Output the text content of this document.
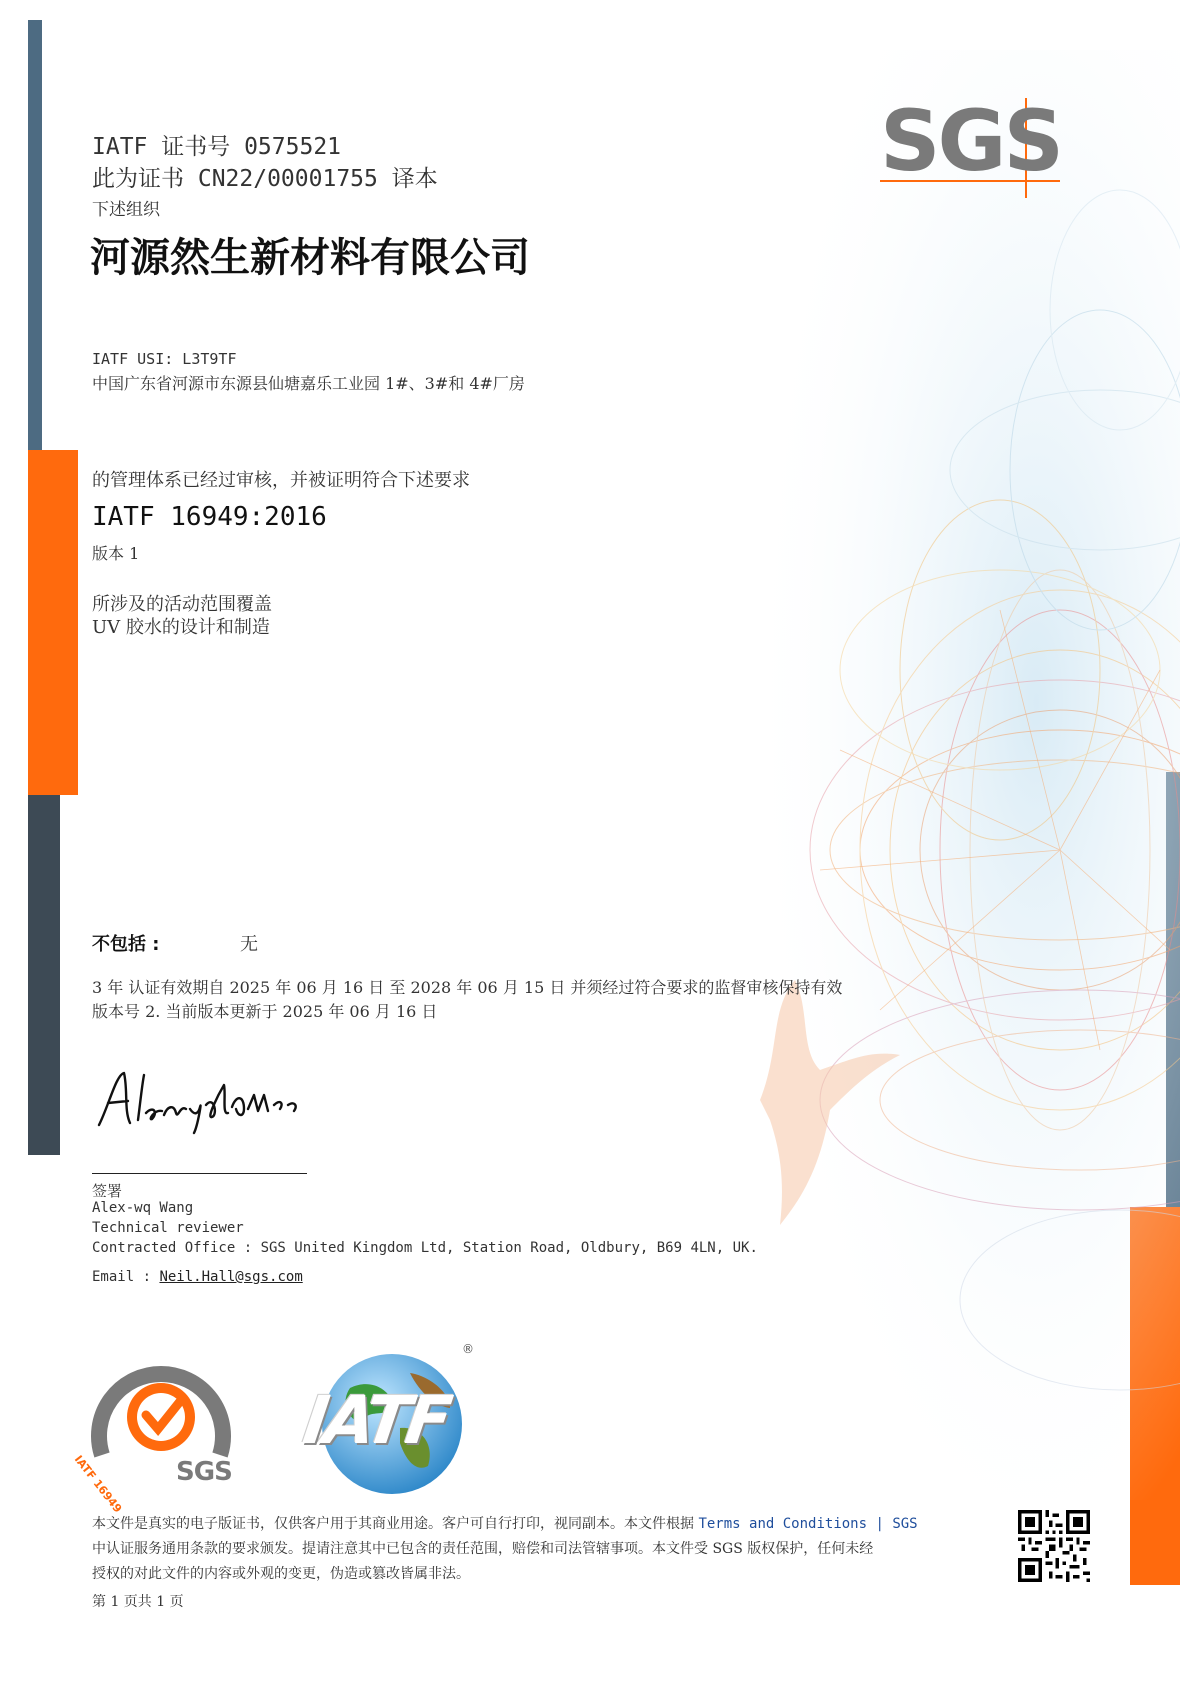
SGS
IATF 证书号 0575521
此为证书 CN22/00001755 译本
下述组织
河源然生新材料有限公司
IATF USI: L3T9TF
中国广东省河源市东源县仙塘嘉乐工业园 1#、3#和 4#厂房
的管理体系已经过审核，并被证明符合下述要求
IATF 16949:2016
版本 1
所涉及的活动范围覆盖
UV 胶水的设计和制造
不包括 :	无
3 年 认证有效期自 2025 年 06 月 16 日 至 2028 年 06 月 15 日 并须经过符合要求的监督审核保持有效
版本号 2. 当前版本更新于 2025 年 06 月 16 日
签署
Alex-wq Wang
Technical reviewer
Contracted Office : SGS United Kingdom Ltd, Station Road, Oldbury, B69 4LN, UK.
Email : Neil.Hall@sgs.com
SYSTEM CERTIFICATION
IATF 16949 SGS
IATF
®
本文件是真实的电子版证书，仅供客户用于其商业用途。客户可自行打印，视同副本。本文件根据 Terms and Conditions | SGS
中认证服务通用条款的要求颁发。提请注意其中已包含的责任范围，赔偿和司法管辖事项。本文件受 SGS 版权保护，任何未经
授权的对此文件的内容或外观的变更，伪造或篡改皆属非法。
第 1 页共 1 页
